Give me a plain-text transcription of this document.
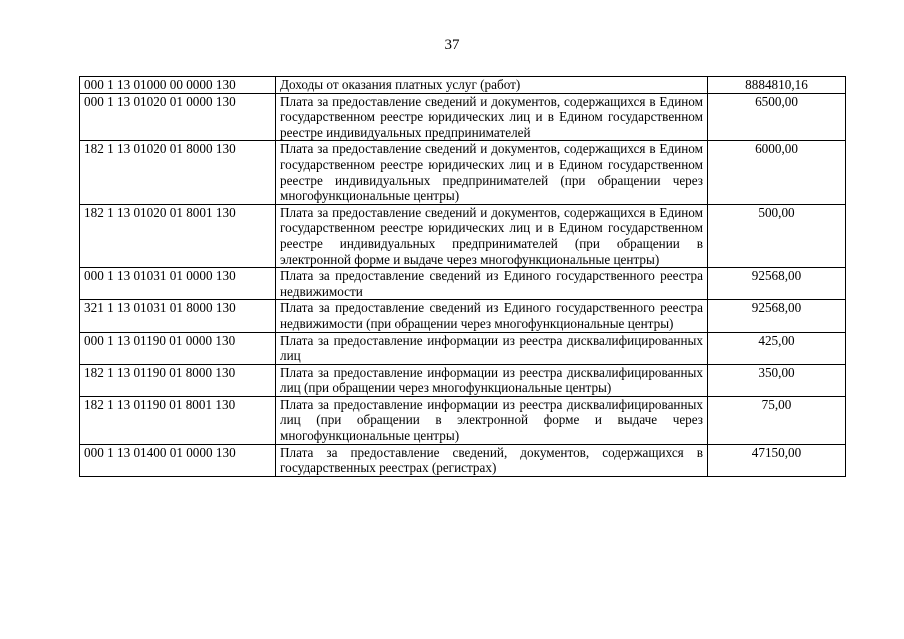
37
000 1 13 01000 00 0000 130	Доходы от оказания платных услуг (работ)	8884810,16
000 1 13 01020 01 0000 130	Плата за предоставление сведений и документов, содержащихся в Едином государственном реестре юридических лиц и в Едином государственном реестре индивидуальных предпринимателей	6500,00
182 1 13 01020 01 8000 130	Плата за предоставление сведений и документов, содержащихся в Едином государственном реестре юридических лиц и в Едином государственном реестре индивидуальных предпринимателей (при обращении через многофункциональные центры)	6000,00
182 1 13 01020 01 8001 130	Плата за предоставление сведений и документов, содержащихся в Едином государственном реестре юридических лиц и в Едином государственном реестре индивидуальных предпринимателей (при обращении в электронной форме и выдаче через многофункциональные центры)	500,00
000 1 13 01031 01 0000 130	Плата за предоставление сведений из Единого государственного реестра недвижимости	92568,00
321 1 13 01031 01 8000 130	Плата за предоставление сведений из Единого государственного реестра недвижимости (при обращении через многофункциональные центры)	92568,00
000 1 13 01190 01 0000 130	Плата за предоставление информации из реестра дисквалифицированных лиц	425,00
182 1 13 01190 01 8000 130	Плата за предоставление информации из реестра дисквалифицированных лиц (при обращении через многофункциональные центры)	350,00
182 1 13 01190 01 8001 130	Плата за предоставление информации из реестра дисквалифицированных лиц (при обращении в электронной форме и выдаче через многофункциональные центры)	75,00
000 1 13 01400 01 0000 130	Плата за предоставление сведений, документов, содержащихся в государственных реестрах (регистрах)	47150,00
